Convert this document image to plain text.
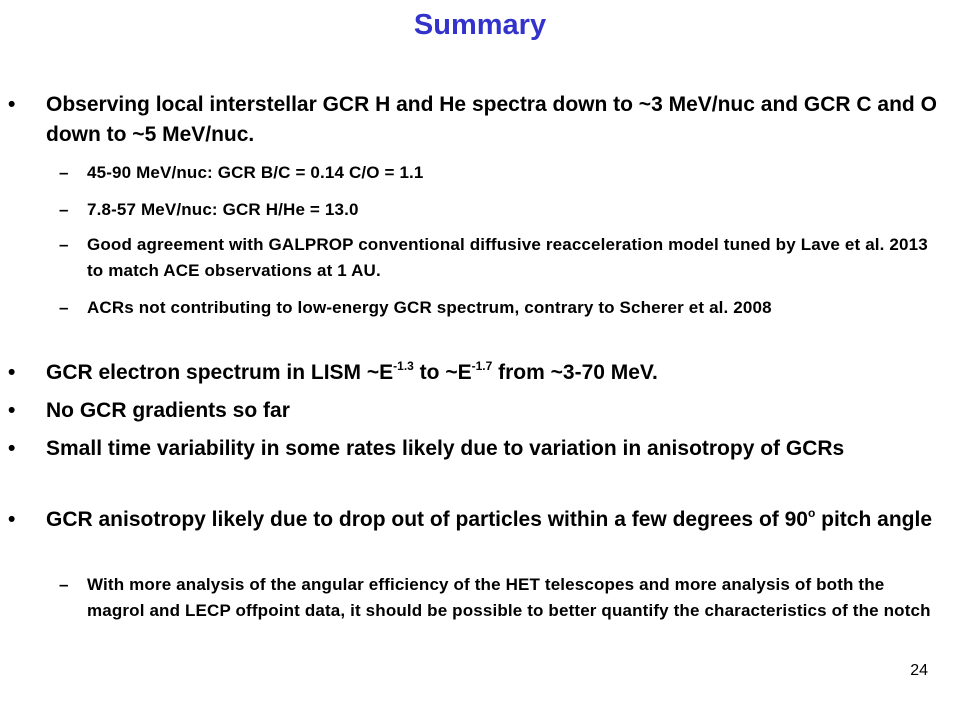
Summary

• Observing local interstellar GCR H and He spectra down to ~3 MeV/nuc and GCR C and O down to ~5 MeV/nuc.

– 45-90 MeV/nuc: GCR B/C = 0.14 C/O = 1.1

– 7.8-57 MeV/nuc: GCR H/He = 13.0

– Good agreement with GALPROP conventional diffusive reacceleration model tuned by Lave et al. 2013 to match ACE observations at 1 AU.

– ACRs not contributing to low-energy GCR spectrum, contrary to Scherer et al. 2008

• GCR electron spectrum in LISM $\sim E^{-1.3}$ to $\sim E^{-1.7}$ from ~3-70 MeV.

• No GCR gradients so far

• Small time variability in some rates likely due to variation in anisotropy of GCRs

• GCR anisotropy likely due to drop out of particles within a few degrees of 90$^o$ pitch angle

– With more analysis of the angular efficiency of the HET telescopes and more analysis of both the magrol and LECP offpoint data, it should be possible to better quantify the characteristics of the notch

24
